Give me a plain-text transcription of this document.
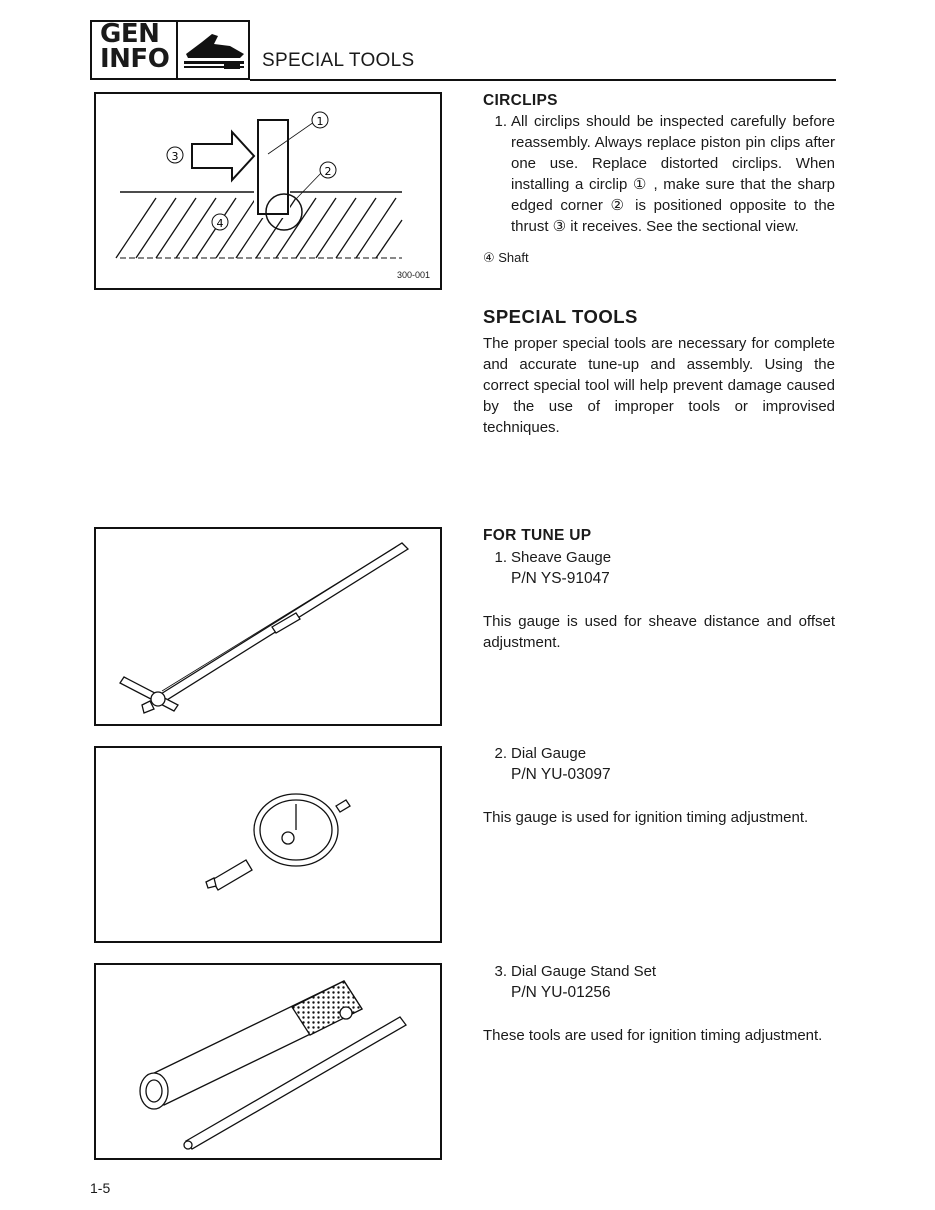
GEN
INFO	SPECIAL TOOLS
1
2
3
4
300-001
CIRCLIPS
1. All circlips should be inspected carefully before reassembly. Always replace piston pin clips after one use. Replace distorted circlips. When installing a circlip ① , make sure that the sharp edged corner ② is positioned opposite to the thrust ③ it receives. See the sectional view.
④ Shaft
SPECIAL TOOLS
The proper special tools are necessary for complete and accurate tune-up and assembly. Using the correct special tool will help prevent damage caused by the use of improper tools or improvised techniques.
FOR TUNE UP
1. Sheave Gauge
P/N YS-91047
This gauge is used for sheave distance and offset adjustment.
2. Dial Gauge
P/N YU-03097
This gauge is used for ignition timing adjustment.
3. Dial Gauge Stand Set
P/N YU-01256
These tools are used for ignition timing adjustment.
1-5
